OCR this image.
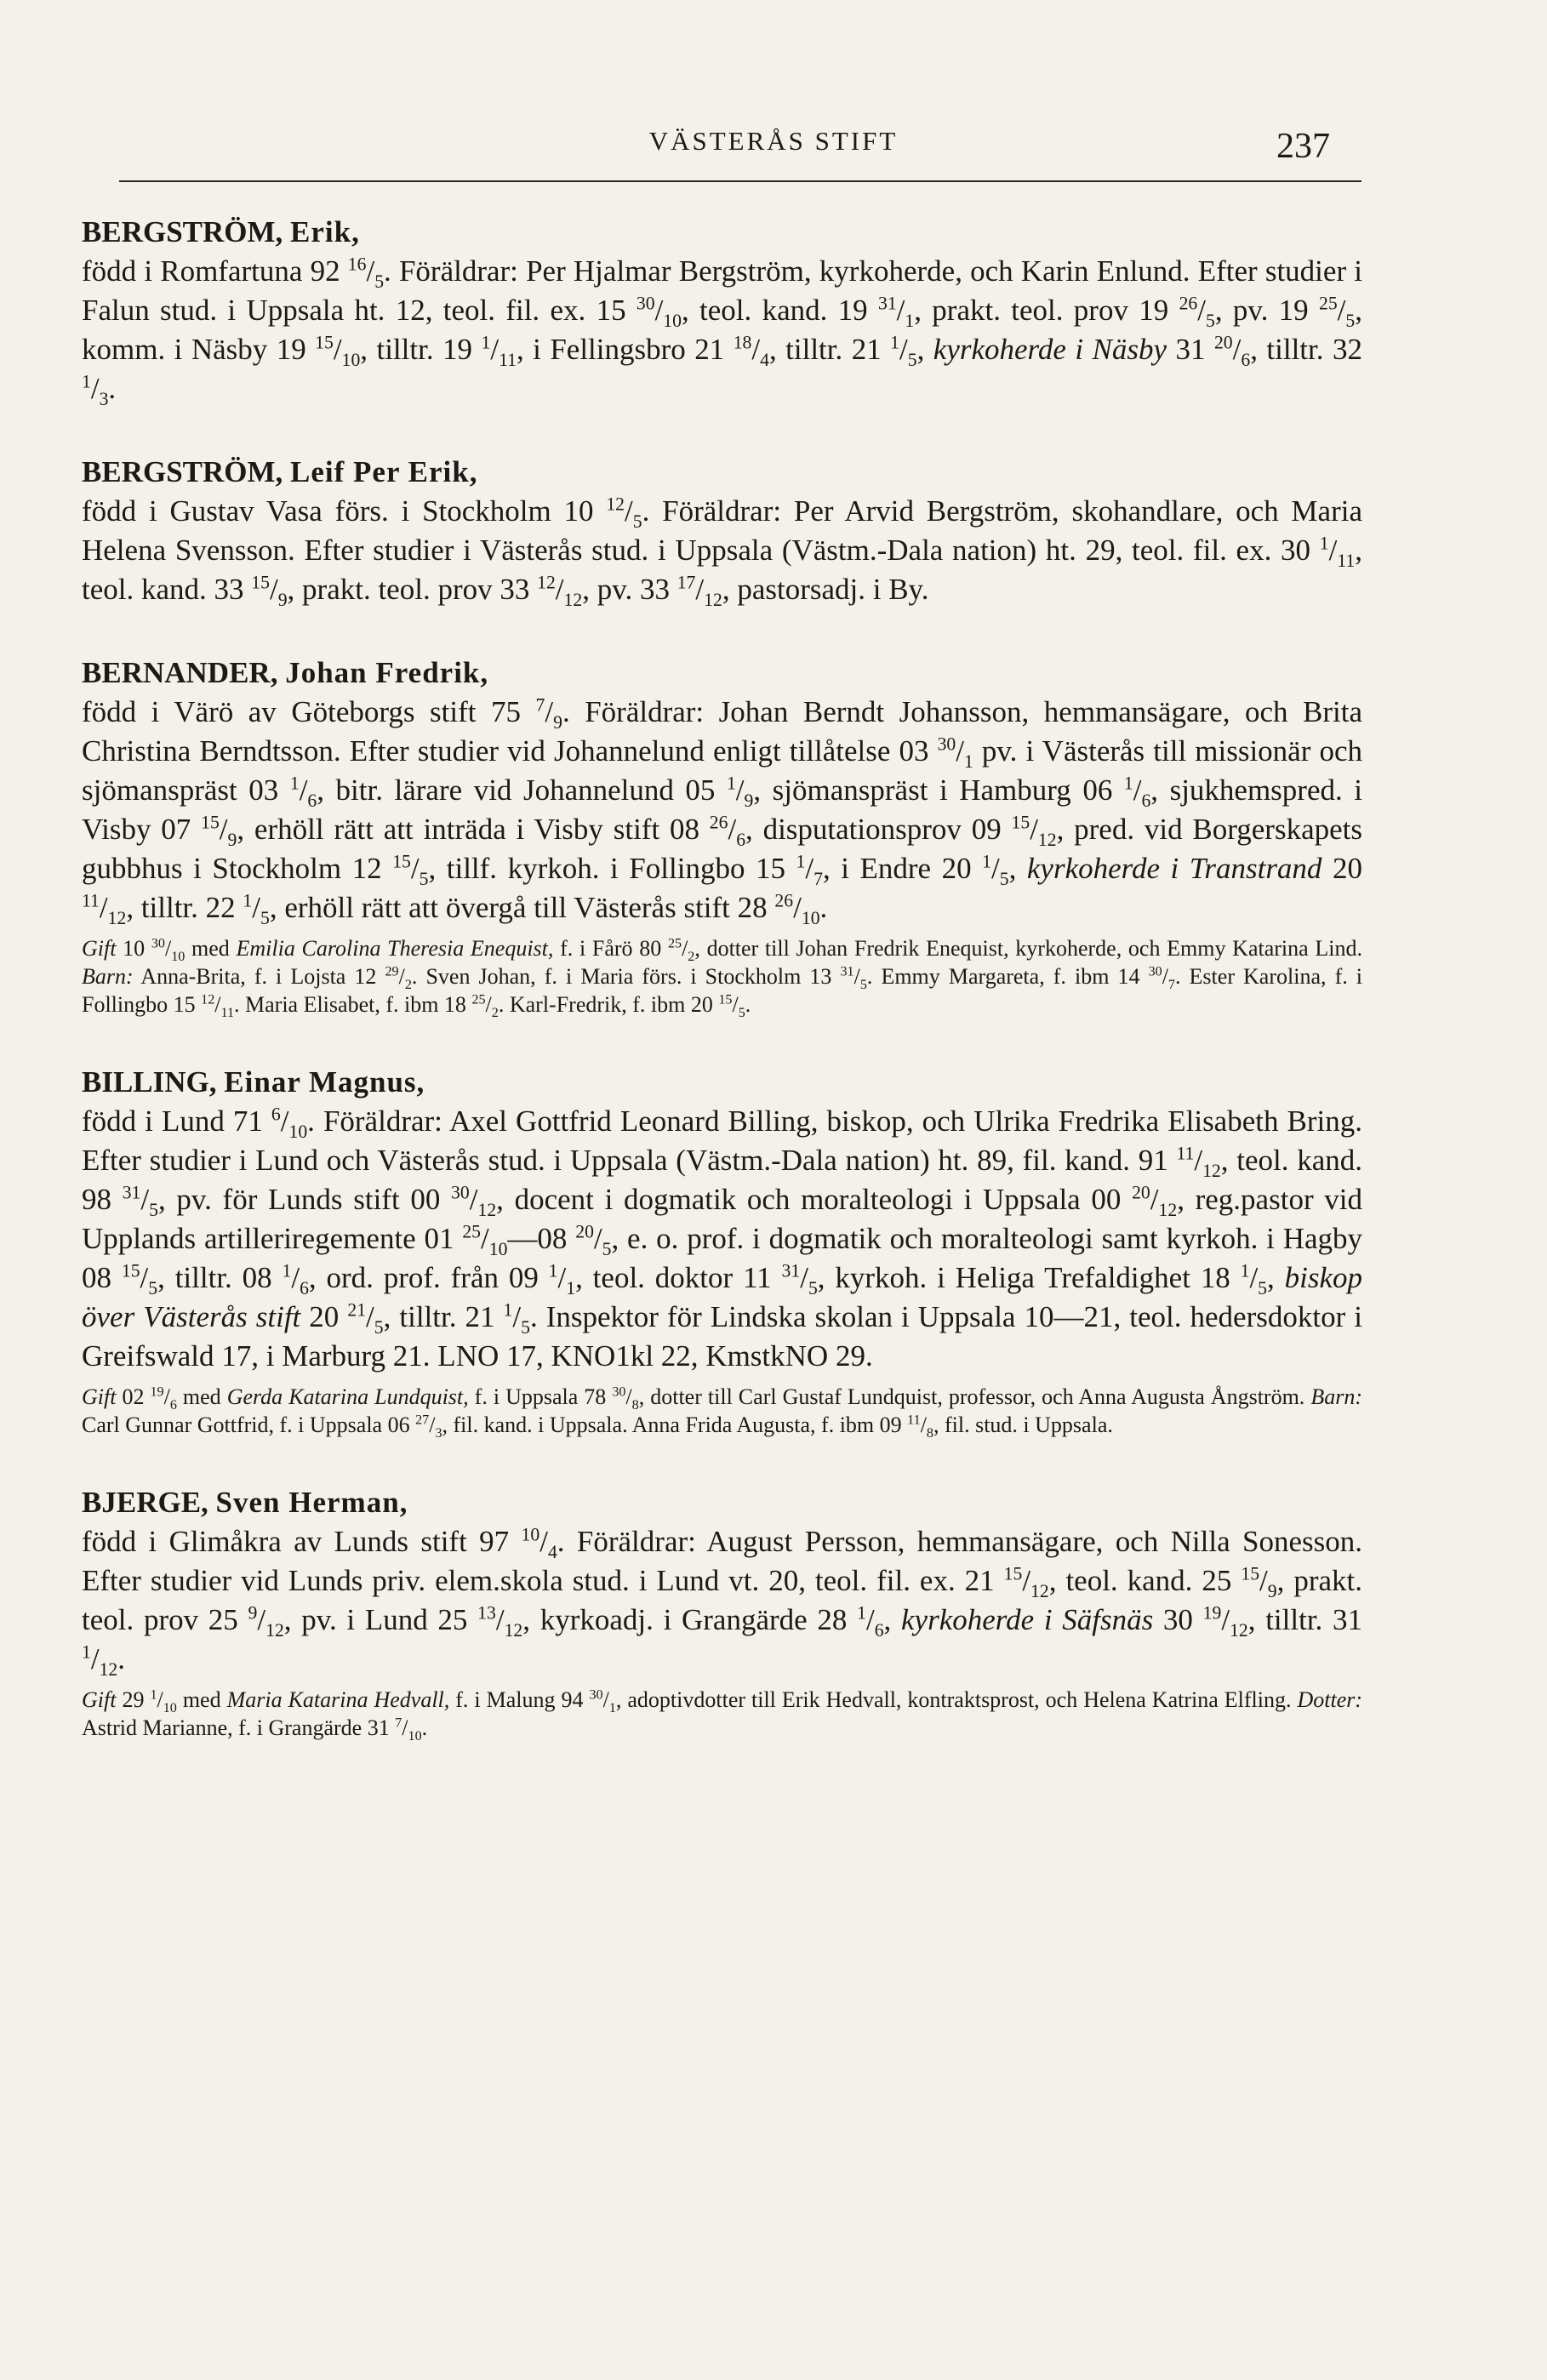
VÄSTERÅS STIFT	237

BERGSTRÖM, Erik,

född i Romfartuna 92 $^{16}/_5$. Föräldrar: Per Hjalmar Bergström, kyrkoherde, och Karin Enlund. Efter studier i Falun stud. i Uppsala ht. 12, teol. fil. ex. 15 $^{30}/_{10}$, teol. kand. 19 $^{31}/_1$, prakt. teol. prov 19 $^{26}/_5$, pv. 19 $^{25}/_5$, komm. i Näsby 19 $^{15}/_{10}$, tilltr. 19 $^1/_{11}$, i Fellingsbro 21 $^{18}/_4$, tilltr. 21 $^1/_5$, kyrkoherde i Näsby 31 $^{20}/_6$, tilltr. 32 $^1/_3$.

BERGSTRÖM, Leif Per Erik,

född i Gustav Vasa förs. i Stockholm 10 $^{12}/_5$. Föräldrar: Per Arvid Bergström, skohandlare, och Maria Helena Svensson. Efter studier i Västerås stud. i Uppsala (Västm.-Dala nation) ht. 29, teol. fil. ex. 30 $^1/_{11}$, teol. kand. 33 $^{15}/_9$, prakt. teol. prov 33 $^{12}/_{12}$, pv. 33 $^{17}/_{12}$, pastorsadj. i By.

BERNANDER, Johan Fredrik,

född i Värö av Göteborgs stift 75 $^7/_9$. Föräldrar: Johan Berndt Johansson, hemmansägare, och Brita Christina Berndtsson. Efter studier vid Johannelund enligt tillåtelse 03 $^{30}/_1$ pv. i Västerås till missionär och sjömanspräst 03 $^1/_6$, bitr. lärare vid Johannelund 05 $^1/_9$, sjömanspräst i Hamburg 06 $^1/_6$, sjukhemspred. i Visby 07 $^{15}/_9$, erhöll rätt att inträda i Visby stift 08 $^{26}/_6$, disputationsprov 09 $^{15}/_{12}$, pred. vid Borgerskapets gubbhus i Stockholm 12 $^{15}/_5$, tillf. kyrkoh. i Follingbo 15 $^1/_7$, i Endre 20 $^1/_5$, kyrkoherde i Transtrand 20 $^{11}/_{12}$, tilltr. 22 $^1/_5$, erhöll rätt att övergå till Västerås stift 28 $^{26}/_{10}$.

Gift 10 $^{30}/_{10}$ med Emilia Carolina Theresia Enequist, f. i Fårö 80 $^{25}/_2$, dotter till Johan Fredrik Enequist, kyrkoherde, och Emmy Katarina Lind. Barn: Anna-Brita, f. i Lojsta 12 $^{29}/_2$. Sven Johan, f. i Maria förs. i Stockholm 13 $^{31}/_5$. Emmy Margareta, f. ibm 14 $^{30}/_7$. Ester Karolina, f. i Follingbo 15 $^{12}/_{11}$. Maria Elisabet, f. ibm 18 $^{25}/_2$. Karl-Fredrik, f. ibm 20 $^{15}/_5$.

BILLING, Einar Magnus,

född i Lund 71 $^6/_{10}$. Föräldrar: Axel Gottfrid Leonard Billing, biskop, och Ulrika Fredrika Elisabeth Bring. Efter studier i Lund och Västerås stud. i Uppsala (Västm.-Dala nation) ht. 89, fil. kand. 91 $^{11}/_{12}$, teol. kand. 98 $^{31}/_5$, pv. för Lunds stift 00 $^{30}/_{12}$, docent i dogmatik och moralteologi i Uppsala 00 $^{20}/_{12}$, reg.pastor vid Upplands artilleriregemente 01 $^{25}/_{10}—08$ $^{20}/_5$, e. o. prof. i dogmatik och moralteologi samt kyrkoh. i Hagby 08 $^{15}/_5$, tilltr. 08 $^1/_6$, ord. prof. från 09 $^1/_1$, teol. doktor 11 $^{31}/_5$, kyrkoh. i Heliga Trefaldighet 18 $^1/_5$, biskop över Västerås stift 20 $^{21}/_5$, tilltr. 21 $^1/_5$. Inspektor för Lindska skolan i Uppsala 10—21, teol. hedersdoktor i Greifswald 17, i Marburg 21. LNO 17, KNO1kl 22, KmstkNO 29.

Gift 02 $^{19}/_6$ med Gerda Katarina Lundquist, f. i Uppsala 78 $^{30}/_8$, dotter till Carl Gustaf Lundquist, professor, och Anna Augusta Ångström. Barn: Carl Gunnar Gottfrid, f. i Uppsala 06 $^{27}/_3$, fil. kand. i Uppsala. Anna Frida Augusta, f. ibm 09 $^{11}/_8$, fil. stud. i Uppsala.

BJERGE, Sven Herman,

född i Glimåkra av Lunds stift 97 $^{10}/_4$. Föräldrar: August Persson, hemmansägare, och Nilla Sonesson. Efter studier vid Lunds priv. elem.skola stud. i Lund vt. 20, teol. fil. ex. 21 $^{15}/_{12}$, teol. kand. 25 $^{15}/_9$, prakt. teol. prov 25 $^9/_{12}$, pv. i Lund 25 $^{13}/_{12}$, kyrkoadj. i Grangärde 28 $^1/_6$, kyrkoherde i Säfsnäs 30 $^{19}/_{12}$, tilltr. 31 $^1/_{12}$.

Gift 29 $^1/_{10}$ med Maria Katarina Hedvall, f. i Malung 94 $^{30}/_1$, adoptivdotter till Erik Hedvall, kontraktsprost, och Helena Katrina Elfling. Dotter: Astrid Marianne, f. i Grangärde 31 $^7/_{10}$.
